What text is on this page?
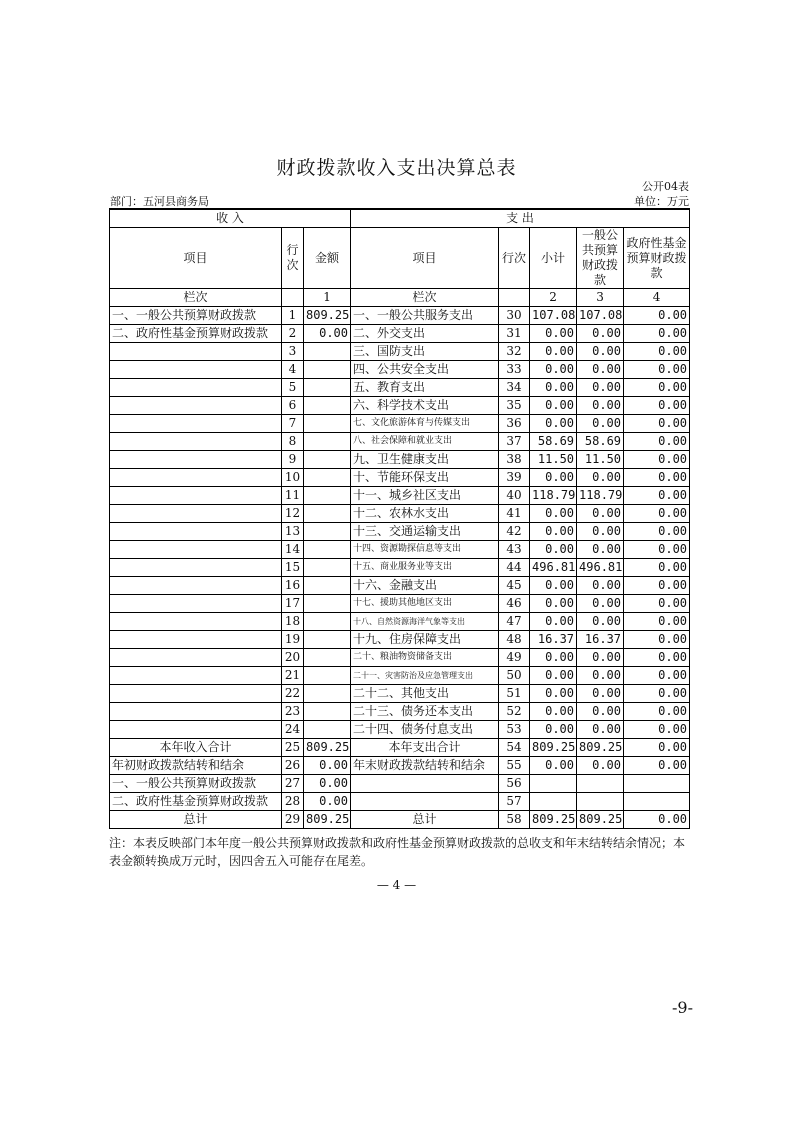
财政拨款收入支出决算总表
公开04表
部门：五河县商务局	单位：万元
收 入			支 出				
项目	行次	金额	项目	行次	小计	一般公共预算财政拨款	政府性基金预算财政拨款
栏次		1	栏次		2	3	4
一、一般公共预算财政拨款	1	809.25	一、一般公共服务支出	30	107.08	107.08	0.00
二、政府性基金预算财政拨款	2	0.00	二、外交支出	31	0.00	0.00	0.00
	3		三、国防支出	32	0.00	0.00	0.00
	4		四、公共安全支出	33	0.00	0.00	0.00
	5		五、教育支出	34	0.00	0.00	0.00
	6		六、科学技术支出	35	0.00	0.00	0.00
	7		七、文化旅游体育与传媒支出	36	0.00	0.00	0.00
	8		八、社会保障和就业支出	37	58.69	58.69	0.00
	9		九、卫生健康支出	38	11.50	11.50	0.00
	10		十、节能环保支出	39	0.00	0.00	0.00
	11		十一、城乡社区支出	40	118.79	118.79	0.00
	12		十二、农林水支出	41	0.00	0.00	0.00
	13		十三、交通运输支出	42	0.00	0.00	0.00
	14		十四、资源勘探信息等支出	43	0.00	0.00	0.00
	15		十五、商业服务业等支出	44	496.81	496.81	0.00
	16		十六、金融支出	45	0.00	0.00	0.00
	17		十七、援助其他地区支出	46	0.00	0.00	0.00
	18		十八、自然资源海洋气象等支出	47	0.00	0.00	0.00
	19		十九、住房保障支出	48	16.37	16.37	0.00
	20		二十、粮油物资储备支出	49	0.00	0.00	0.00
	21		二十一、灾害防治及应急管理支出	50	0.00	0.00	0.00
	22		二十二、其他支出	51	0.00	0.00	0.00
	23		二十三、债务还本支出	52	0.00	0.00	0.00
	24		二十四、债务付息支出	53	0.00	0.00	0.00
本年收入合计	25	809.25	本年支出合计	54	809.25	809.25	0.00
年初财政拨款结转和结余	26	0.00	年末财政拨款结转和结余	55	0.00	0.00	0.00
一、一般公共预算财政拨款	27	0.00		56			
二、政府性基金预算财政拨款	28	0.00		57			
总计	29	809.25	总计	58	809.25	809.25	0.00
注：本表反映部门本年度一般公共预算财政拨款和政府性基金预算财政拨款的总收支和年末结转结余情况；本表金额转换成万元时，因四舍五入可能存在尾差。
— 4 —
-9-
